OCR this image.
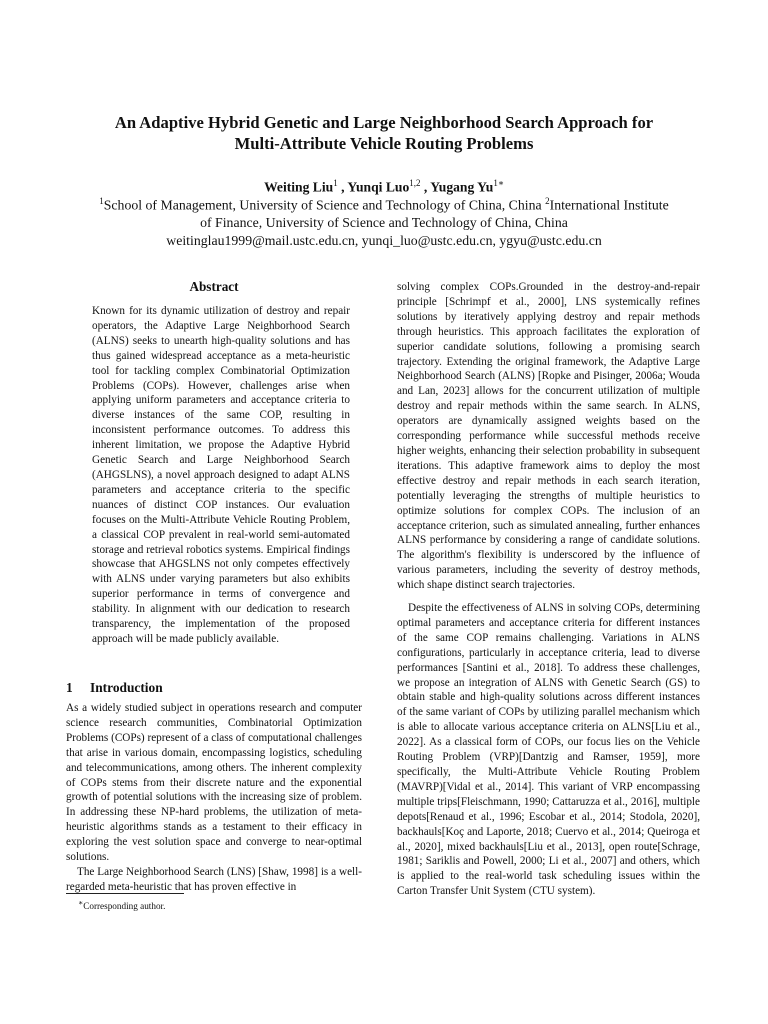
An Adaptive Hybrid Genetic and Large Neighborhood Search Approach for
Multi-Attribute Vehicle Routing Problems
Weiting Liu$^1$ , Yunqi Luo$^{1,2}$ , Yugang $Yu^{1∗}$
$^1$School of Management, University of Science and Technology of China, China $^2$International Institute
of Finance, University of Science and Technology of China, China
weitinglau1999@mail.ustc.edu.cn, yunqi_luo@ustc.edu.cn, ygyu@ustc.edu.cn
Abstract

Known for its dynamic utilization of destroy and repair operators, the Adaptive Large Neighborhood Search (ALNS) seeks to unearth high-quality solutions and has thus gained widespread acceptance as a meta-heuristic tool for tackling complex Combinatorial Optimization Problems (COPs). However, challenges arise when applying uniform parameters and acceptance criteria to diverse instances of the same COP, resulting in inconsistent performance outcomes. To address this inherent limitation, we propose the Adaptive Hybrid Genetic Search and Large Neighborhood Search (AHGSLNS), a novel approach designed to adapt ALNS parameters and acceptance criteria to the specific nuances of distinct COP instances. Our evaluation focuses on the Multi-Attribute Vehicle Routing Problem, a classical COP prevalent in real-world semi-automated storage and retrieval robotics systems. Empirical findings showcase that AHGSLNS not only competes effectively with ALNS under varying parameters but also exhibits superior performance in terms of convergence and stability. In alignment with our dedication to research transparency, the implementation of the proposed approach will be made publicly available.

1 Introduction

As a widely studied subject in operations research and computer science research communities, Combinatorial Optimization Problems (COPs) represent of a class of computational challenges that arise in various domain, encompassing logistics, scheduling and telecommunications, among others. The inherent complexity of COPs stems from their discrete nature and the exponential growth of potential solutions with the increasing size of problem. In addressing these NP-hard problems, the utilization of meta-heuristic algorithms stands as a testament to their efficacy in exploring the vest solution space and converge to near-optimal solutions.

The Large Neighborhood Search (LNS) [Shaw, 1998] is a well-regarded meta-heuristic that has proven effective in

∗Corresponding author.

solving complex COPs.Grounded in the destroy-and-repair principle [Schrimpf et al., 2000], LNS systemically refines solutions by iteratively applying destroy and repair methods through heuristics. This approach facilitates the exploration of superior candidate solutions, following a promising search trajectory. Extending the original framework, the Adaptive Large Neighborhood Search (ALNS) [Ropke and Pisinger, 2006a; Wouda and Lan, 2023] allows for the concurrent utilization of multiple destroy and repair methods within the same search. In ALNS, operators are dynamically assigned weights based on the corresponding performance while successful methods receive higher weights, enhancing their selection probability in subsequent iterations. This adaptive framework aims to deploy the most effective destroy and repair methods in each search iteration, potentially leveraging the strengths of multiple heuristics to optimize solutions for complex COPs. The inclusion of an acceptance criterion, such as simulated annealing, further enhances ALNS performance by considering a range of candidate solutions. The algorithm's flexibility is underscored by the influence of various parameters, including the severity of destroy methods, which shape distinct search trajectories.

Despite the effectiveness of ALNS in solving COPs, determining optimal parameters and acceptance criteria for different instances of the same COP remains challenging. Variations in ALNS configurations, particularly in acceptance criteria, lead to diverse performances [Santini et al., 2018]. To address these challenges, we propose an integration of ALNS with Genetic Search (GS) to obtain stable and high-quality solutions across different instances of the same variant of COPs by utilizing parallel mechanism which is able to allocate various acceptance criteria on ALNS[Liu et al., 2022]. As a classical form of COPs, our focus lies on the Vehicle Routing Problem (VRP)[Dantzig and Ramser, 1959], more specifically, the Multi-Attribute Vehicle Routing Problem (MAVRP)[Vidal et al., 2014]. This variant of VRP encompassing multiple trips[Fleischmann, 1990; Cattaruzza et al., 2016], multiple depots[Renaud et al., 1996; Escobar et al., 2014; Stodola, 2020], backhauls[Koç and Laporte, 2018; Cuervo et al., 2014; Queiroga et al., 2020], mixed backhauls[Liu et al., 2013], open route[Schrage, 1981; Sariklis and Powell, 2000; Li et al., 2007] and others, which is applied to the real-world task scheduling issues within the Carton Transfer Unit System (CTU system).
